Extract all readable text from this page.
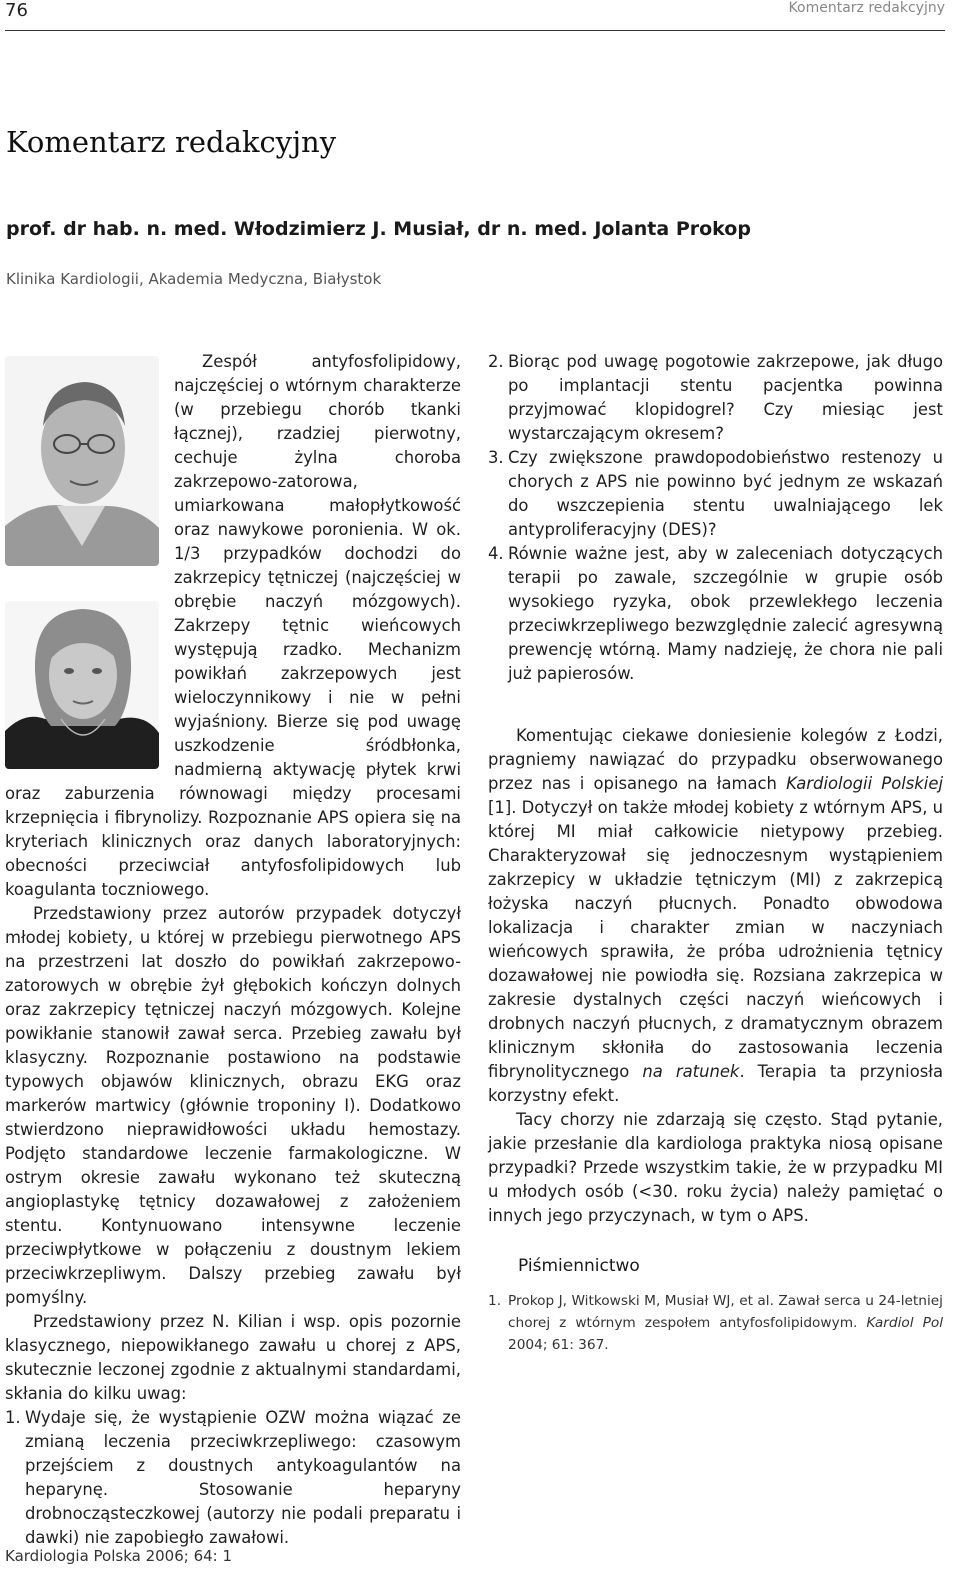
76	Komentarz redakcyjny
Komentarz redakcyjny
prof. dr hab. n. med. Włodzimierz J. Musiał, dr n. med. Jolanta Prokop
Klinika Kardiologii, Akademia Medyczna, Białystok

Zespół antyfosfolipidowy, najczęściej o wtórnym charakterze (w przebiegu chorób tkanki łącznej), rzadziej pierwotny, cechuje żylna choroba zakrzepowo-zatorowa, umiarkowana małopłytkowość oraz nawykowe poronienia. W ok. 1/3 przypadków dochodzi do zakrzepicy tętniczej (najczęściej w obrębie naczyń mózgowych). Zakrzepy tętnic wieńcowych występują rzadko. Mechanizm powikłań zakrzepowych jest wieloczynnikowy i nie w pełni wyjaśniony. Bierze się pod uwagę uszkodzenie śródbłonka, nadmierną aktywację płytek krwi oraz zaburzenia równowagi między procesami krzepnięcia i fibrynolizy. Rozpoznanie APS opiera się na kryteriach klinicznych oraz danych laboratoryjnych: obecności przeciwciał antyfosfolipidowych lub koagulanta toczniowego.

Przedstawiony przez autorów przypadek dotyczył młodej kobiety, u której w przebiegu pierwotnego APS na przestrzeni lat doszło do powikłań zakrzepowo-zatorowych w obrębie żył głębokich kończyn dolnych oraz zakrzepicy tętniczej naczyń mózgowych. Kolejne powikłanie stanowił zawał serca. Przebieg zawału był klasyczny. Rozpoznanie postawiono na podstawie typowych objawów klinicznych, obrazu EKG oraz markerów martwicy (głównie troponiny I). Dodatkowo stwierdzono nieprawidłowości układu hemostazy. Podjęto standardowe leczenie farmakologiczne. W ostrym okresie zawału wykonano też skuteczną angioplastykę tętnicy dozawałowej z założeniem stentu. Kontynuowano intensywne leczenie przeciwpłytkowe w połączeniu z doustnym lekiem przeciwkrzepliwym. Dalszy przebieg zawału był pomyślny.

Przedstawiony przez N. Kilian i wsp. opis pozornie klasycznego, niepowikłanego zawału u chorej z APS, skutecznie leczonej zgodnie z aktualnymi standardami, skłania do kilku uwag:

1. Wydaje się, że wystąpienie OZW można wiązać ze zmianą leczenia przeciwkrzepliwego: czasowym przejściem z doustnych antykoagulantów na heparynę. Stosowanie heparyny drobnocząsteczkowej (autorzy nie podali preparatu i dawki) nie zapobiegło zawałowi.
2. Biorąc pod uwagę pogotowie zakrzepowe, jak długo po implantacji stentu pacjentka powinna przyjmować klopidogrel? Czy miesiąc jest wystarczającym okresem?
3. Czy zwiększone prawdopodobieństwo restenozy u chorych z APS nie powinno być jednym ze wskazań do wszczepienia stentu uwalniającego lek antyproliferacyjny (DES)?
4. Równie ważne jest, aby w zaleceniach dotyczących terapii po zawale, szczególnie w grupie osób wysokiego ryzyka, obok przewlekłego leczenia przeciwkrzepliwego bezwzględnie zalecić agresywną prewencję wtórną. Mamy nadzieję, że chora nie pali już papierosów.

Komentując ciekawe doniesienie kolegów z Łodzi, pragniemy nawiązać do przypadku obserwowanego przez nas i opisanego na łamach Kardiologii Polskiej [1]. Dotyczył on także młodej kobiety z wtórnym APS, u której MI miał całkowicie nietypowy przebieg. Charakteryzował się jednoczesnym wystąpieniem zakrzepicy w układzie tętniczym (MI) z zakrzepicą łożyska naczyń płucnych. Ponadto obwodowa lokalizacja i charakter zmian w naczyniach wieńcowych sprawiła, że próba udrożnienia tętnicy dozawałowej nie powiodła się. Rozsiana zakrzepica w zakresie dystalnych części naczyń wieńcowych i drobnych naczyń płucnych, z dramatycznym obrazem klinicznym skłoniła do zastosowania leczenia fibrynolitycznego na ratunek. Terapia ta przyniosła korzystny efekt.

Tacy chorzy nie zdarzają się często. Stąd pytanie, jakie przesłanie dla kardiologa praktyka niosą opisane przypadki? Przede wszystkim takie, że w przypadku MI u młodych osób (<30. roku życia) należy pamiętać o innych jego przyczynach, w tym o APS.

Piśmiennictwo
1. Prokop J, Witkowski M, Musiał WJ, et al. Zawał serca u 24-letniej chorej z wtórnym zespołem antyfosfolipidowym. Kardiol Pol 2004; 61: 367.
Kardiologia Polska 2006; 64: 1
